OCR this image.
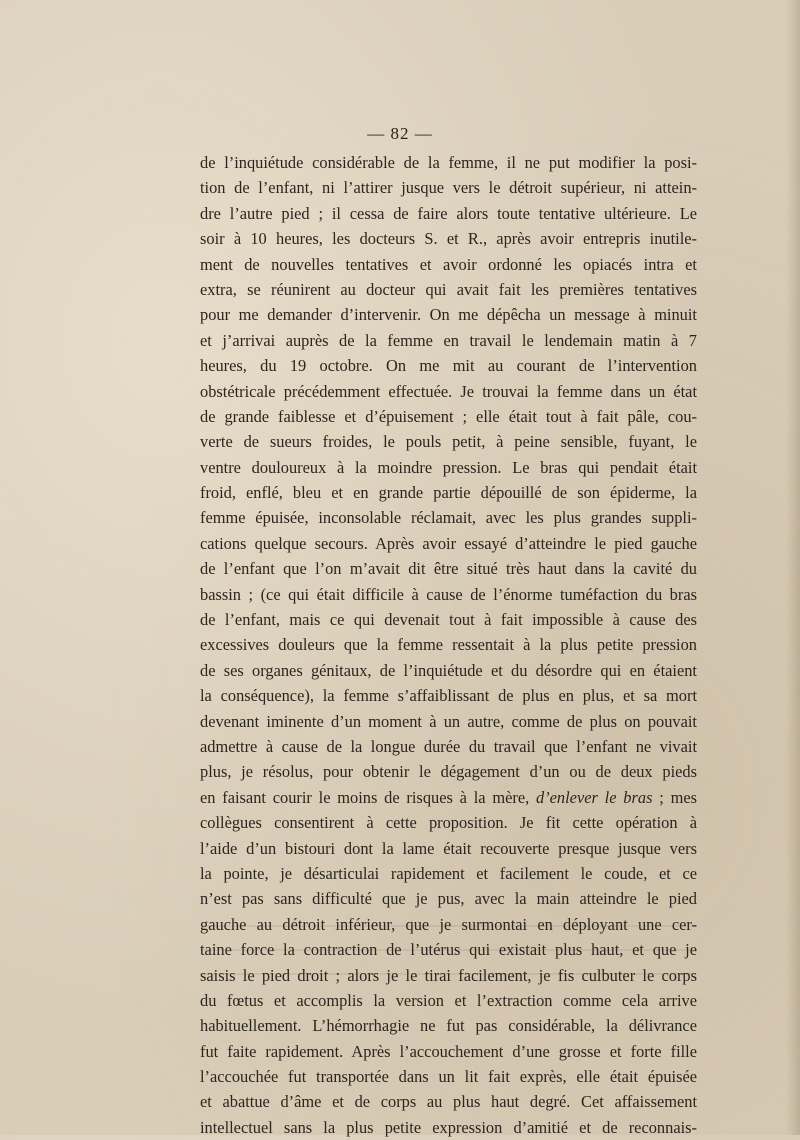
— 82 —
de l’inquiétude considérable de la femme, il ne put modifier la posi-
tion de l’enfant, ni l’attirer jusque vers le détroit supérieur, ni attein-
dre l’autre pied ; il cessa de faire alors toute tentative ultérieure. Le
soir à 10 heures, les docteurs S. et R., après avoir entrepris inutile-
ment de nouvelles tentatives et avoir ordonné les opiacés intra et
extra, se réunirent au docteur qui avait fait les premières tentatives
pour me demander d’intervenir. On me dépêcha un message à minuit
et j’arrivai auprès de la femme en travail le lendemain matin à 7
heures, du 19 octobre. On me mit au courant de l’intervention
obstétricale précédemment effectuée. Je trouvai la femme dans un état
de grande faiblesse et d’épuisement ; elle était tout à fait pâle, cou-
verte de sueurs froides, le pouls petit, à peine sensible, fuyant, le
ventre douloureux à la moindre pression. Le bras qui pendait était
froid, enflé, bleu et en grande partie dépouillé de son épiderme, la
femme épuisée, inconsolable réclamait, avec les plus grandes suppli-
cations quelque secours. Après avoir essayé d’atteindre le pied gauche
de l’enfant que l’on m’avait dit être situé très haut dans la cavité du
bassin ; (ce qui était difficile à cause de l’énorme tuméfaction du bras
de l’enfant, mais ce qui devenait tout à fait impossible à cause des
excessives douleurs que la femme ressentait à la plus petite pression
de ses organes génitaux, de l’inquiétude et du désordre qui en étaient
la conséquence), la femme s’affaiblissant de plus en plus, et sa mort
devenant iminente d’un moment à un autre, comme de plus on pouvait
admettre à cause de la longue durée du travail que l’enfant ne vivait
plus, je résolus, pour obtenir le dégagement d’un ou de deux pieds
en faisant courir le moins de risques à la mère, d’enlever le bras ; mes
collègues consentirent à cette proposition. Je fit cette opération à
l’aide d’un bistouri dont la lame était recouverte presque jusque vers
la pointe, je désarticulai rapidement et facilement le coude, et ce
n’est pas sans difficulté que je pus, avec la main atteindre le pied
gauche au détroit inférieur, que je surmontai en déployant une cer-
taine force la contraction de l’utérus qui existait plus haut, et que je
saisis le pied droit ; alors je le tirai facilement, je fis culbuter le corps
du fœtus et accomplis la version et l’extraction comme cela arrive
habituellement. L’hémorrhagie ne fut pas considérable, la délivrance
fut faite rapidement. Après l’accouchement d’une grosse et forte fille
l’accouchée fut transportée dans un lit fait exprès, elle était épuisée
et abattue d’âme et de corps au plus haut degré. Cet affaissement
intellectuel sans la plus petite expression d’amitié et de reconnais-
